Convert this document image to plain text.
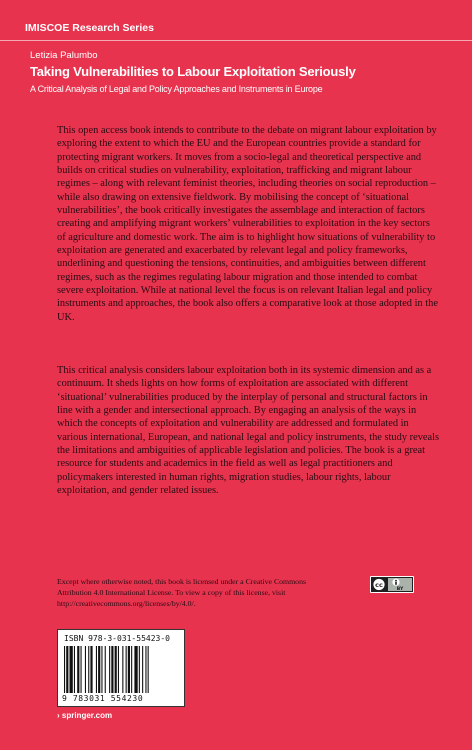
IMISCOE Research Series
Letizia Palumbo
Taking Vulnerabilities to Labour Exploitation Seriously
A Critical Analysis of Legal and Policy Approaches and Instruments in Europe

This open access book intends to contribute to the debate on migrant labour exploitation by exploring the extent to which the EU and the European countries provide a standard for protecting migrant workers. It moves from a socio-legal and theoretical perspective and builds on critical studies on vulnerability, exploitation, trafficking and migrant labour regimes – along with relevant feminist theories, including theories on social reproduction – while also drawing on extensive fieldwork. By mobilising the concept of ‘situational vulnerabilities’, the book critically investigates the assemblage and interaction of factors creating and amplifying migrant workers’ vulnerabilities to exploitation in the key sectors of agriculture and domestic work. The aim is to highlight how situations of vulnerability to exploitation are generated and exacerbated by relevant legal and policy frameworks, underlining and questioning the tensions, continuities, and ambiguities between different regimes, such as the regimes regulating labour migration and those intended to combat severe exploitation. While at national level the focus is on relevant Italian legal and policy instruments and approaches, the book also offers a comparative look at those adopted in the UK.

This critical analysis considers labour exploitation both in its systemic dimension and as a continuum. It sheds lights on how forms of exploitation are associated with different ‘situational’ vulnerabilities produced by the interplay of personal and structural factors in line with a gender and intersectional approach. By engaging an analysis of the ways in which the concepts of exploitation and vulnerability are addressed and formulated in various international, European, and national legal and policy instruments, the study reveals the limitations and ambiguities of applicable legislation and policies. The book is a great resource for students and academics in the field as well as legal practitioners and policymakers interested in human rights, migration studies, labour rights, labour exploitation, and gender related issues.

Except where otherwise noted, this book is licensed under a Creative Commons Attribution 4.0 International License. To view a copy of this license, visit http://creativecommons.org/licenses/by/4.0/.

cc
BY
ISBN 978-3-031-55423-0
9 783031 554230
› springer.com
